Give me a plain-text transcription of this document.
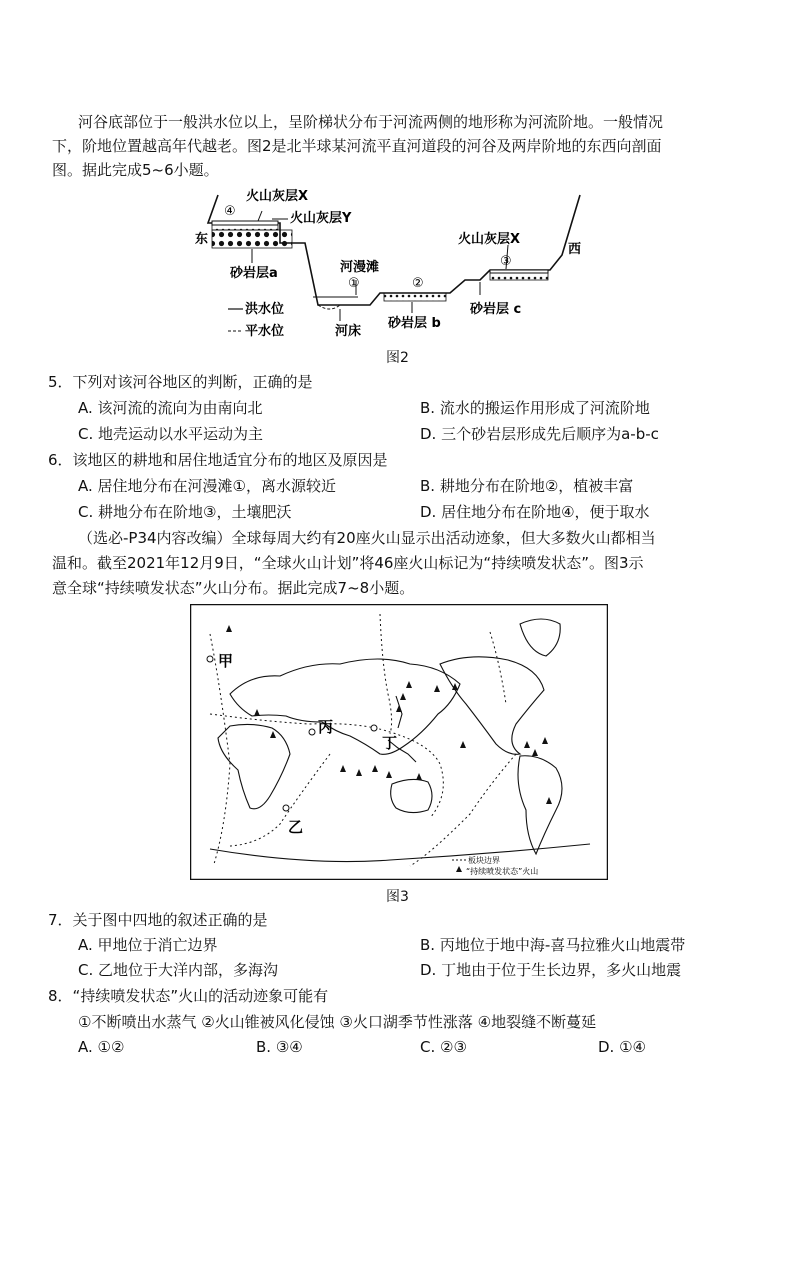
河谷底部位于一般洪水位以上，呈阶梯状分布于河流两侧的地形称为河流阶地。一般情况
下，阶地位置越高年代越老。图2是北半球某河流平直河道段的河谷及两岸阶地的东西向剖面
图。据此完成5~6小题。
火山灰层X
④	火山灰层Y
东
砂岩层a	河漫滩
①
洪水位
平水位	河床
砂岩层 b
②
火山灰层X
③
西
砂岩层 c
图2
5．下列对该河谷地区的判断，正确的是
A. 该河流的流向为由南向北	B. 流水的搬运作用形成了河流阶地
C. 地壳运动以水平运动为主	D. 三个砂岩层形成先后顺序为a-b-c
6．该地区的耕地和居住地适宜分布的地区及原因是
A. 居住地分布在河漫滩①，离水源较近	B. 耕地分布在阶地②，植被丰富
C. 耕地分布在阶地③，土壤肥沃	D. 居住地分布在阶地④，便于取水
（选必-P34内容改编）全球每周大约有20座火山显示出活动迹象，但大多数火山都相当
温和。截至2021年12月9日，“全球火山计划”将46座火山标记为“持续喷发状态”。图3示
意全球“持续喷发状态”火山分布。据此完成7~8小题。
甲
乙
丙
丁
板块边界
“持续喷发状态”火山
图3
7．关于图中四地的叙述正确的是
A. 甲地位于消亡边界	B. 丙地位于地中海-喜马拉雅火山地震带
C. 乙地位于大洋内部，多海沟	D. 丁地由于位于生长边界，多火山地震
8．“持续喷发状态”火山的活动迹象可能有
①不断喷出水蒸气 ②火山锥被风化侵蚀 ③火口湖季节性涨落 ④地裂缝不断蔓延
A. ①②	B. ③④	C. ②③	D. ①④
